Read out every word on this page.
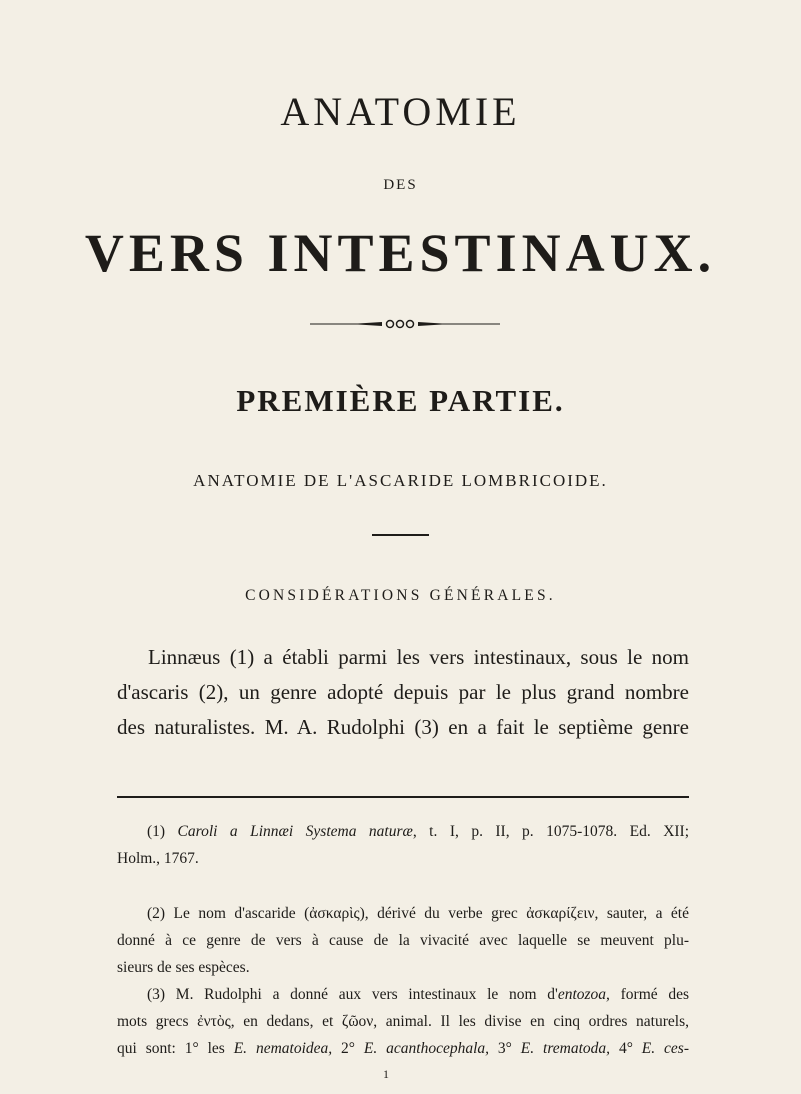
ANATOMIE
DES
VERS INTESTINAUX.
PREMIÈRE PARTIE.
ANATOMIE DE L'ASCARIDE LOMBRICOIDE.
CONSIDÉRATIONS GÉNÉRALES.
Linnæus (1) a établi parmi les vers intestinaux, sous le nom
d'ascaris (2), un genre adopté depuis par le plus grand nombre
des naturalistes. M. A. Rudolphi (3) en a fait le septième genre
(1) Caroli a Linnæi Systema naturæ, t. I, p. II, p. 1075-1078. Ed. XII;
Holm., 1767.
(2) Le nom d'ascaride (ἀσκαρὶς), dérivé du verbe grec ἀσκαρίζειν, sauter, a été
donné à ce genre de vers à cause de la vivacité avec laquelle se meuvent plu-
sieurs de ses espèces.
(3) M. Rudolphi a donné aux vers intestinaux le nom d'entozoa, formé des
mots grecs ἐντὸς, en dedans, et ζῶον, animal. Il les divise en cinq ordres naturels,
qui sont: 1° les E. nematoidea, 2° E. acanthocephala, 3° E. trematoda, 4° E. ces-
1
